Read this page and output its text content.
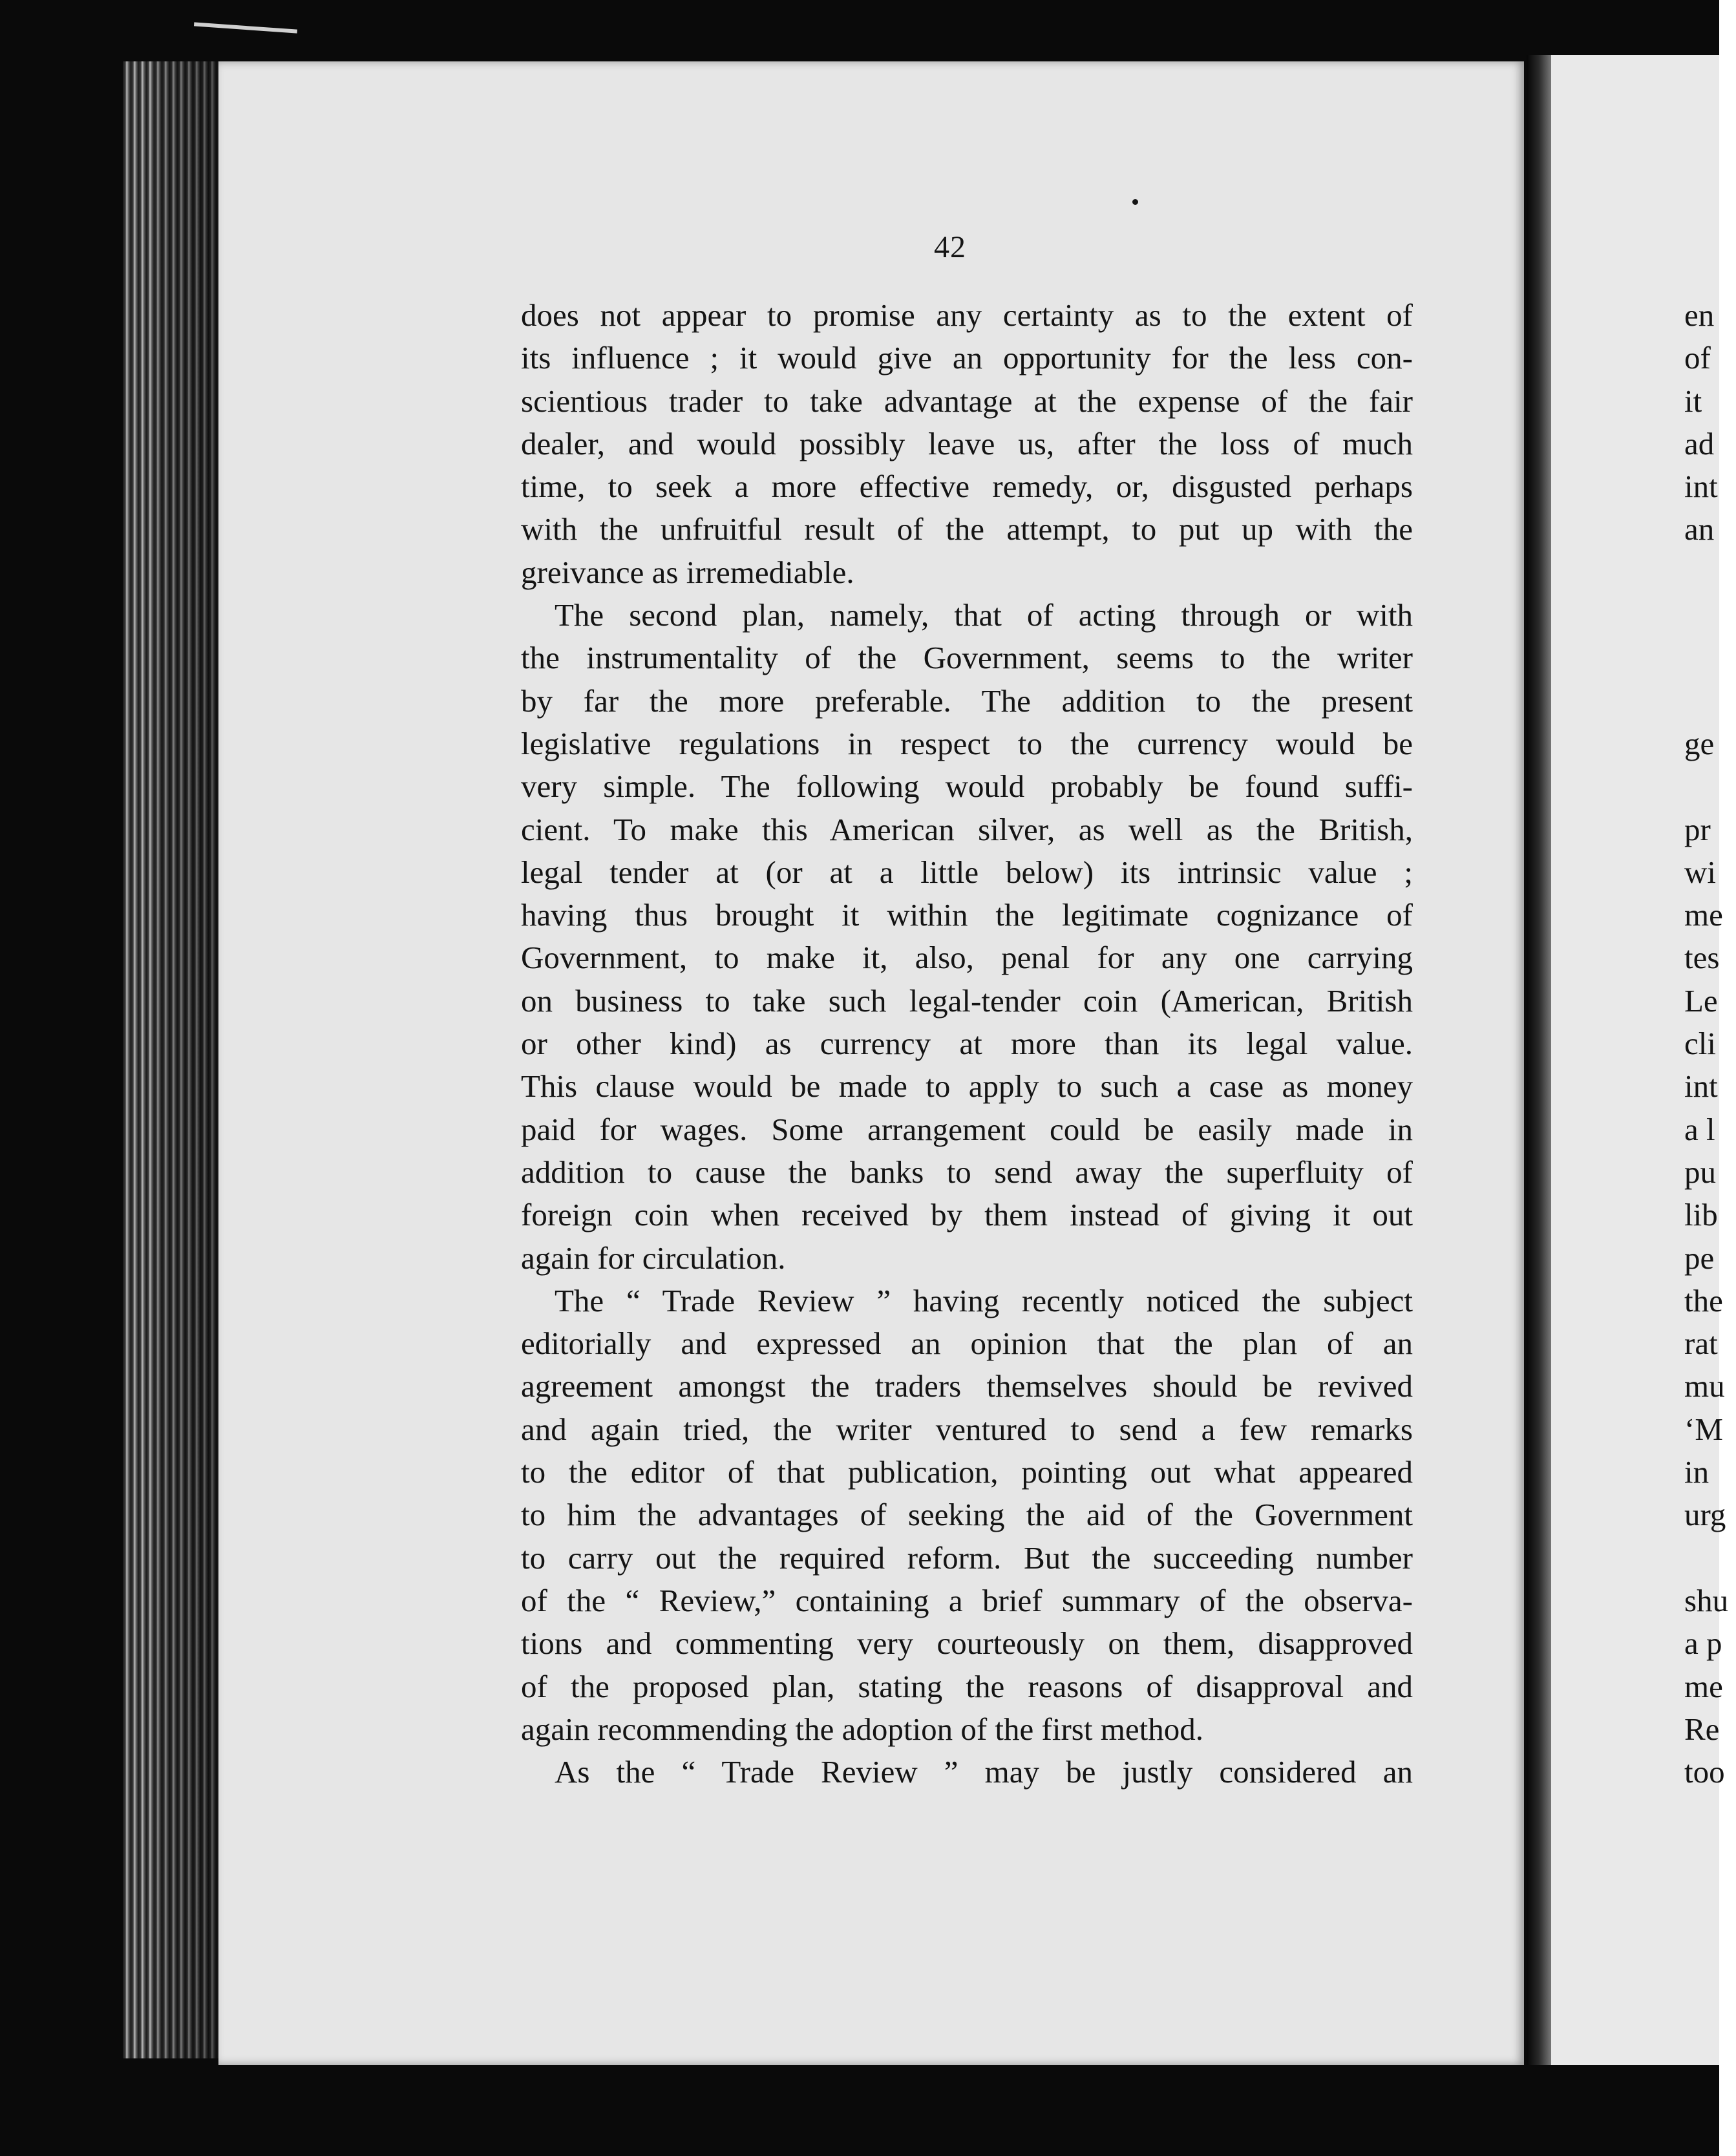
42
does not appear to promise any certainty as to the extent of
its influence ; it would give an opportunity for the less con-
scientious trader to take advantage at the expense of the fair
dealer, and would possibly leave us, after the loss of much
time, to seek a more effective remedy, or, disgusted perhaps
with the unfruitful result of the attempt, to put up with the
greivance as irremediable.
The second plan, namely, that of acting through or with
the instrumentality of the Government, seems to the writer
by far the more preferable. The addition to the present
legislative regulations in respect to the currency would be
very simple. The following would probably be found suffi-
cient. To make this American silver, as well as the British,
legal tender at (or at a little below) its intrinsic value ;
having thus brought it within the legitimate cognizance of
Government, to make it, also, penal for any one carrying
on business to take such legal-tender coin (American, British
or other kind) as currency at more than its legal value.
This clause would be made to apply to such a case as money
paid for wages. Some arrangement could be easily made in
addition to cause the banks to send away the superfluity of
foreign coin when received by them instead of giving it out
again for circulation.
The “ Trade Review ” having recently noticed the subject
editorially and expressed an opinion that the plan of an
agreement amongst the traders themselves should be revived
and again tried, the writer ventured to send a few remarks
to the editor of that publication, pointing out what appeared
to him the advantages of seeking the aid of the Government
to carry out the required reform. But the succeeding number
of the “ Review,” containing a brief summary of the observa-
tions and commenting very courteously on them, disapproved
of the proposed plan, stating the reasons of disapproval and
again recommending the adoption of the first method.
As the “ Trade Review ” may be justly considered an
en
of
it
ad
int
an
ge
pr
wi
me
tes
Le
cli
int
a l
pu
lib
pe
the
rat
mu
‘M
in
urg
shu
a p
me
Re
too
